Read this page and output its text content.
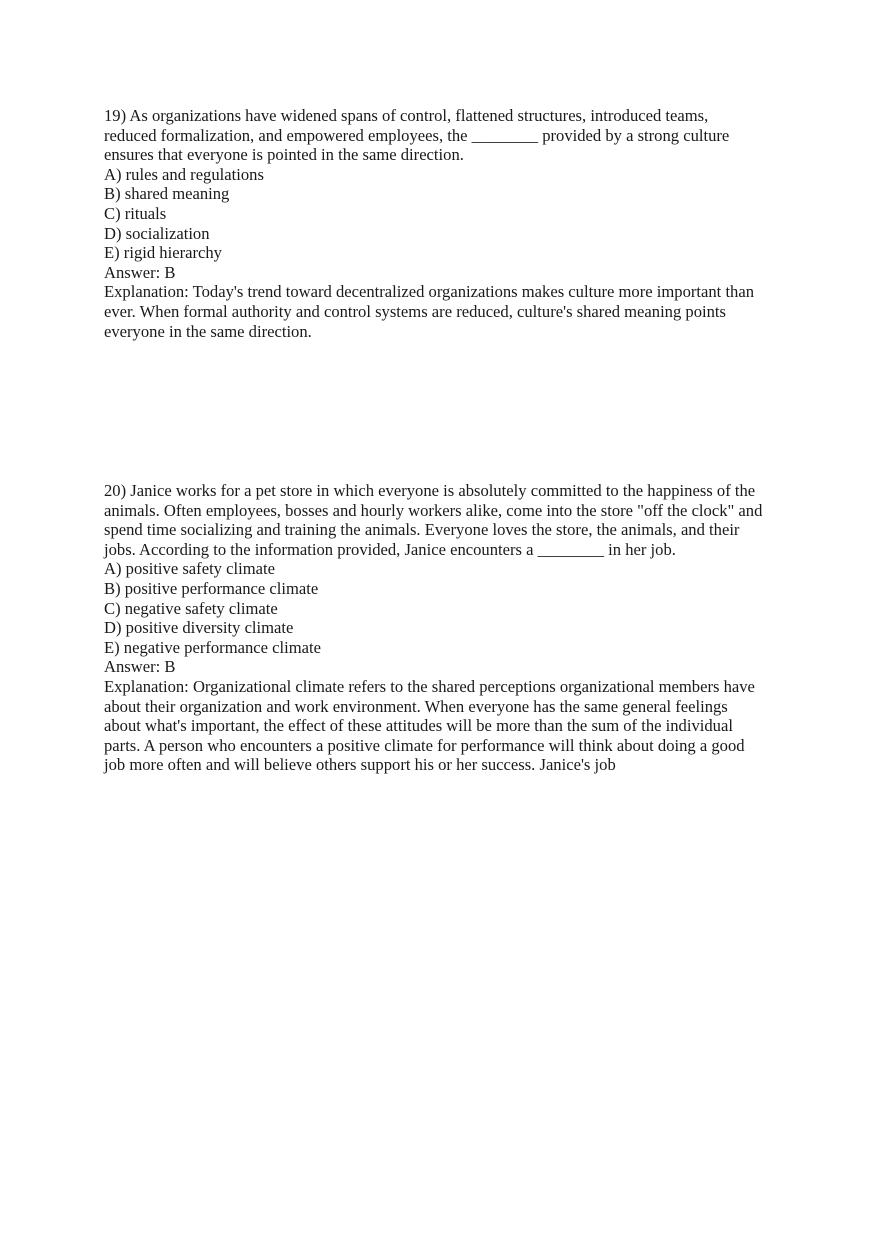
19) As organizations have widened spans of control, flattened structures, introduced teams, reduced formalization, and empowered employees, the ________ provided by a strong culture ensures that everyone is pointed in the same direction.

A) rules and regulations
B) shared meaning
C) rituals
D) socialization
E) rigid hierarchy

Answer: B

Explanation: Today's trend toward decentralized organizations makes culture more important than ever. When formal authority and control systems are reduced, culture's shared meaning points everyone in the same direction.

20) Janice works for a pet store in which everyone is absolutely committed to the happiness of the animals. Often employees, bosses and hourly workers alike, come into the store "off the clock" and spend time socializing and training the animals. Everyone loves the store, the animals, and their jobs. According to the information provided, Janice encounters a ________ in her job.

A) positive safety climate
B) positive performance climate
C) negative safety climate
D) positive diversity climate
E) negative performance climate

Answer: B

Explanation: Organizational climate refers to the shared perceptions organizational members have about their organization and work environment. When everyone has the same general feelings about what's important, the effect of these attitudes will be more than the sum of the individual parts. A person who encounters a positive climate for performance will think about doing a good job more often and will believe others support his or her success. Janice's job
